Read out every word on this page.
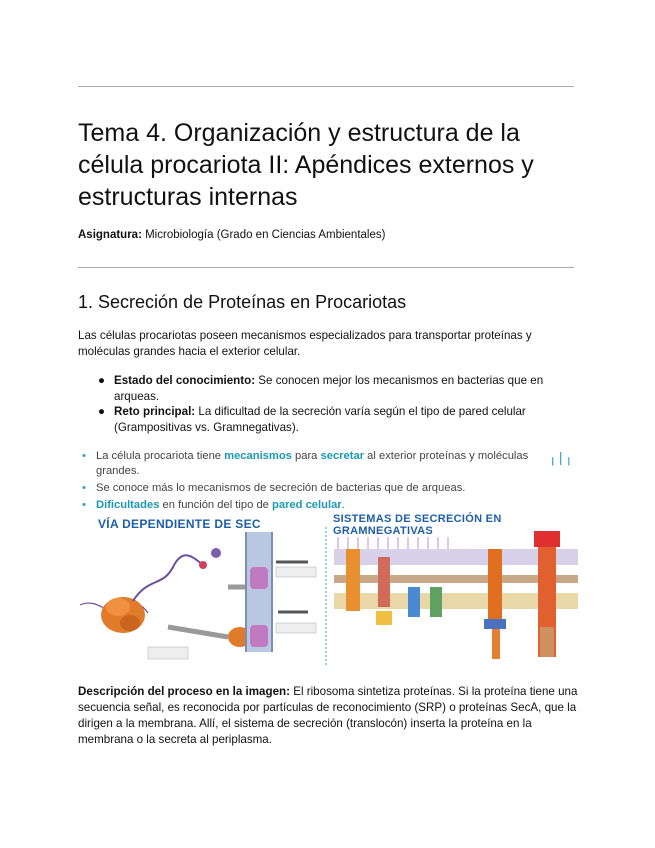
Tema 4. Organización y estructura de la célula procariota II: Apéndices externos y estructuras internas
Asignatura: Microbiología (Grado en Ciencias Ambientales)
1. Secreción de Proteínas en Procariotas

Las células procariotas poseen mecanismos especializados para transportar proteínas y moléculas grandes hacia el exterior celular.

● Estado del conocimiento: Se conocen mejor los mecanismos en bacterias que en arqueas.
● Reto principal: La dificultad de la secreción varía según el tipo de pared celular (Grampositivas vs. Gramnegativas).
╷|╷
• La célula procariota tiene mecanismos para secretar al exterior proteínas y moléculas grandes.
• Se conoce más lo mecanismos de secreción de bacterias que de arqueas.
• Dificultades en función del tipo de pared celular.
VÍA DEPENDIENTE DE SEC	SISTEMAS DE SECRECIÓN EN GRAMNEGATIVAS

Descripción del proceso en la imagen: El ribosoma sintetiza proteínas. Si la proteína tiene una secuencia señal, es reconocida por partículas de reconocimiento (SRP) o proteínas SecA, que la dirigen a la membrana. Allí, el sistema de secreción (translocón) inserta la proteína en la membrana o la secreta al periplasma.
